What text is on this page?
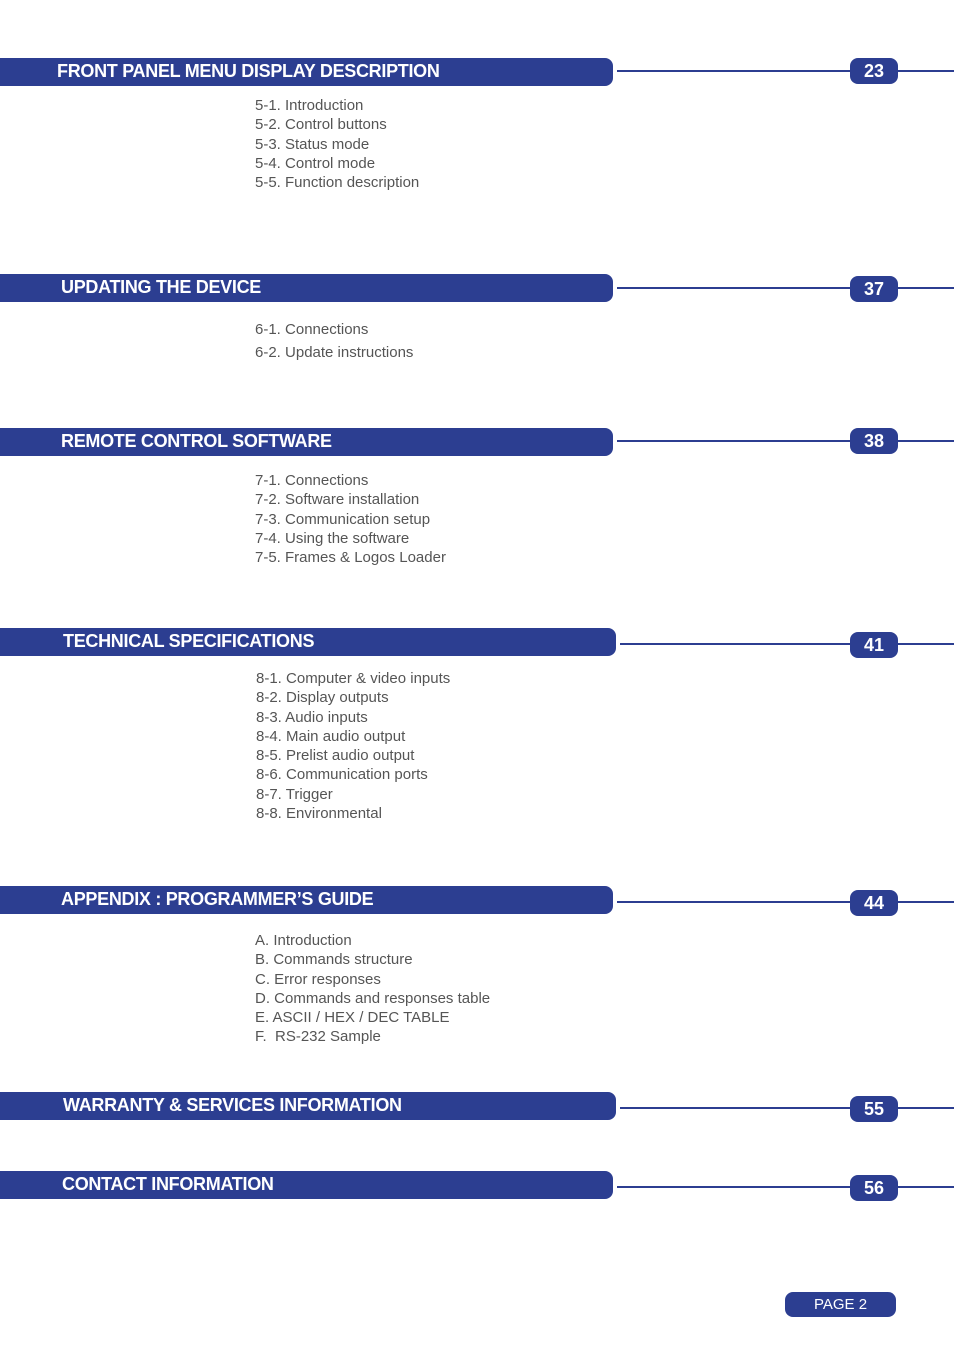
FRONT PANEL MENU DISPLAY DESCRIPTION	23
5-1. Introduction
5-2. Control buttons
5-3. Status mode
5-4. Control mode
5-5. Function description
UPDATING THE DEVICE	37
6-1. Connections
6-2. Update instructions
REMOTE CONTROL SOFTWARE	38
7-1. Connections
7-2. Software installation
7-3. Communication setup
7-4. Using the software
7-5. Frames & Logos Loader
TECHNICAL SPECIFICATIONS	41
8-1. Computer & video inputs
8-2. Display outputs
8-3. Audio inputs
8-4. Main audio output
8-5. Prelist audio output
8-6. Communication ports
8-7. Trigger
8-8. Environmental
APPENDIX : PROGRAMMER’S GUIDE	44
A. Introduction
B. Commands structure
C. Error responses
D. Commands and responses table
E. ASCII / HEX / DEC TABLE
F.  RS-232 Sample
WARRANTY & SERVICES INFORMATION	55
CONTACT INFORMATION	56
PAGE 2
